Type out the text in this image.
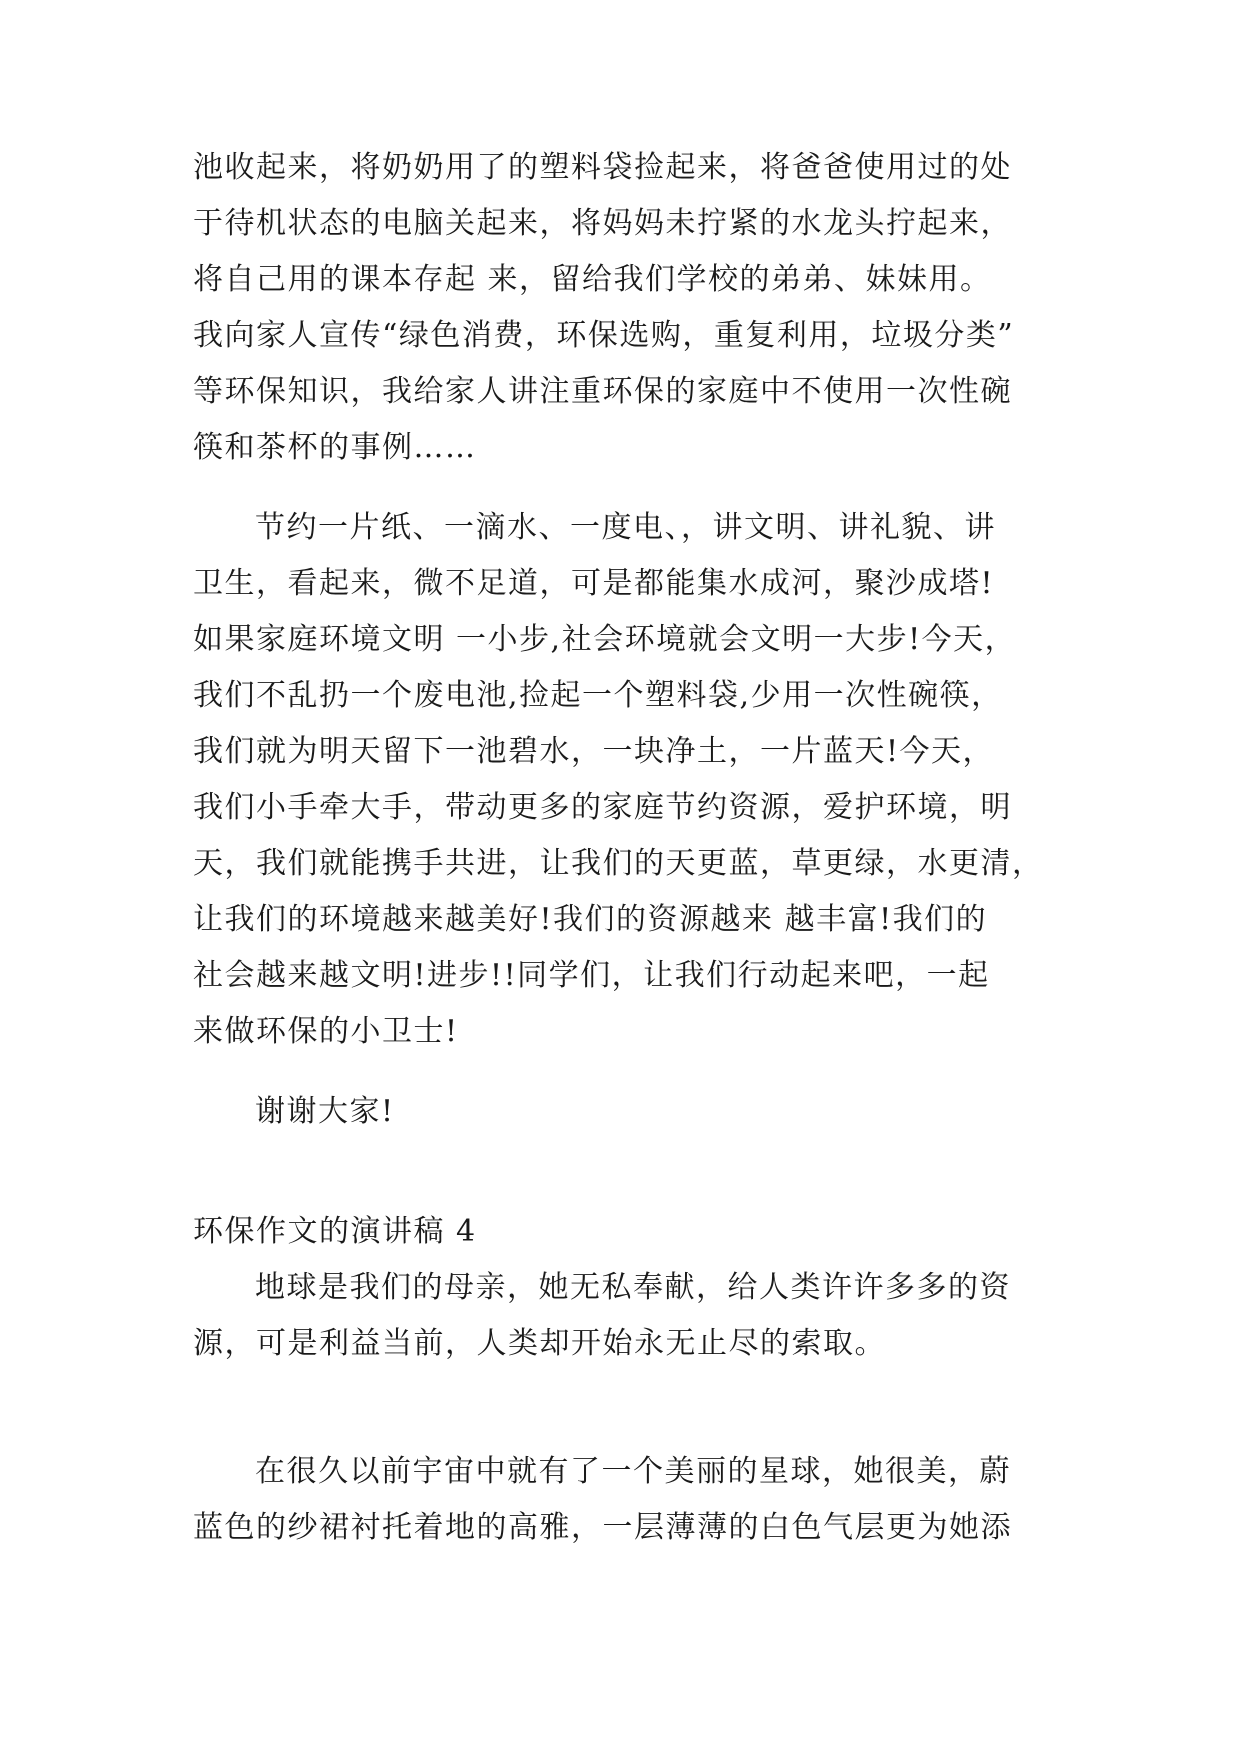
池收起来，将奶奶用了的塑料袋捡起来，将爸爸使用过的处
于待机状态的电脑关起来，将妈妈未拧紧的水龙头拧起来，
将自己用的课本存起 来，留给我们学校的弟弟、妹妹用。
我向家人宣传“绿色消费，环保选购，重复利用，垃圾分类”
等环保知识，我给家人讲注重环保的家庭中不使用一次性碗
筷和茶杯的事例……
节约一片纸、一滴水、一度电、，讲文明、讲礼貌、讲
卫生，看起来，微不足道，可是都能集水成河，聚沙成塔!
如果家庭环境文明 一小步,社会环境就会文明一大步!今天，
我们不乱扔一个废电池,捡起一个塑料袋,少用一次性碗筷，
我们就为明天留下一池碧水，一块净土，一片蓝天!今天，
我们小手牵大手，带动更多的家庭节约资源，爱护环境，明
天，我们就能携手共进，让我们的天更蓝，草更绿，水更清，
让我们的环境越来越美好!我们的资源越来 越丰富!我们的
社会越来越文明!进步!!同学们，让我们行动起来吧，一起
来做环保的小卫士!
谢谢大家!
环保作文的演讲稿 4
地球是我们的母亲，她无私奉献，给人类许许多多的资
源，可是利益当前，人类却开始永无止尽的索取。
在很久以前宇宙中就有了一个美丽的星球，她很美，蔚
蓝色的纱裙衬托着地的高雅，一层薄薄的白色气层更为她添
